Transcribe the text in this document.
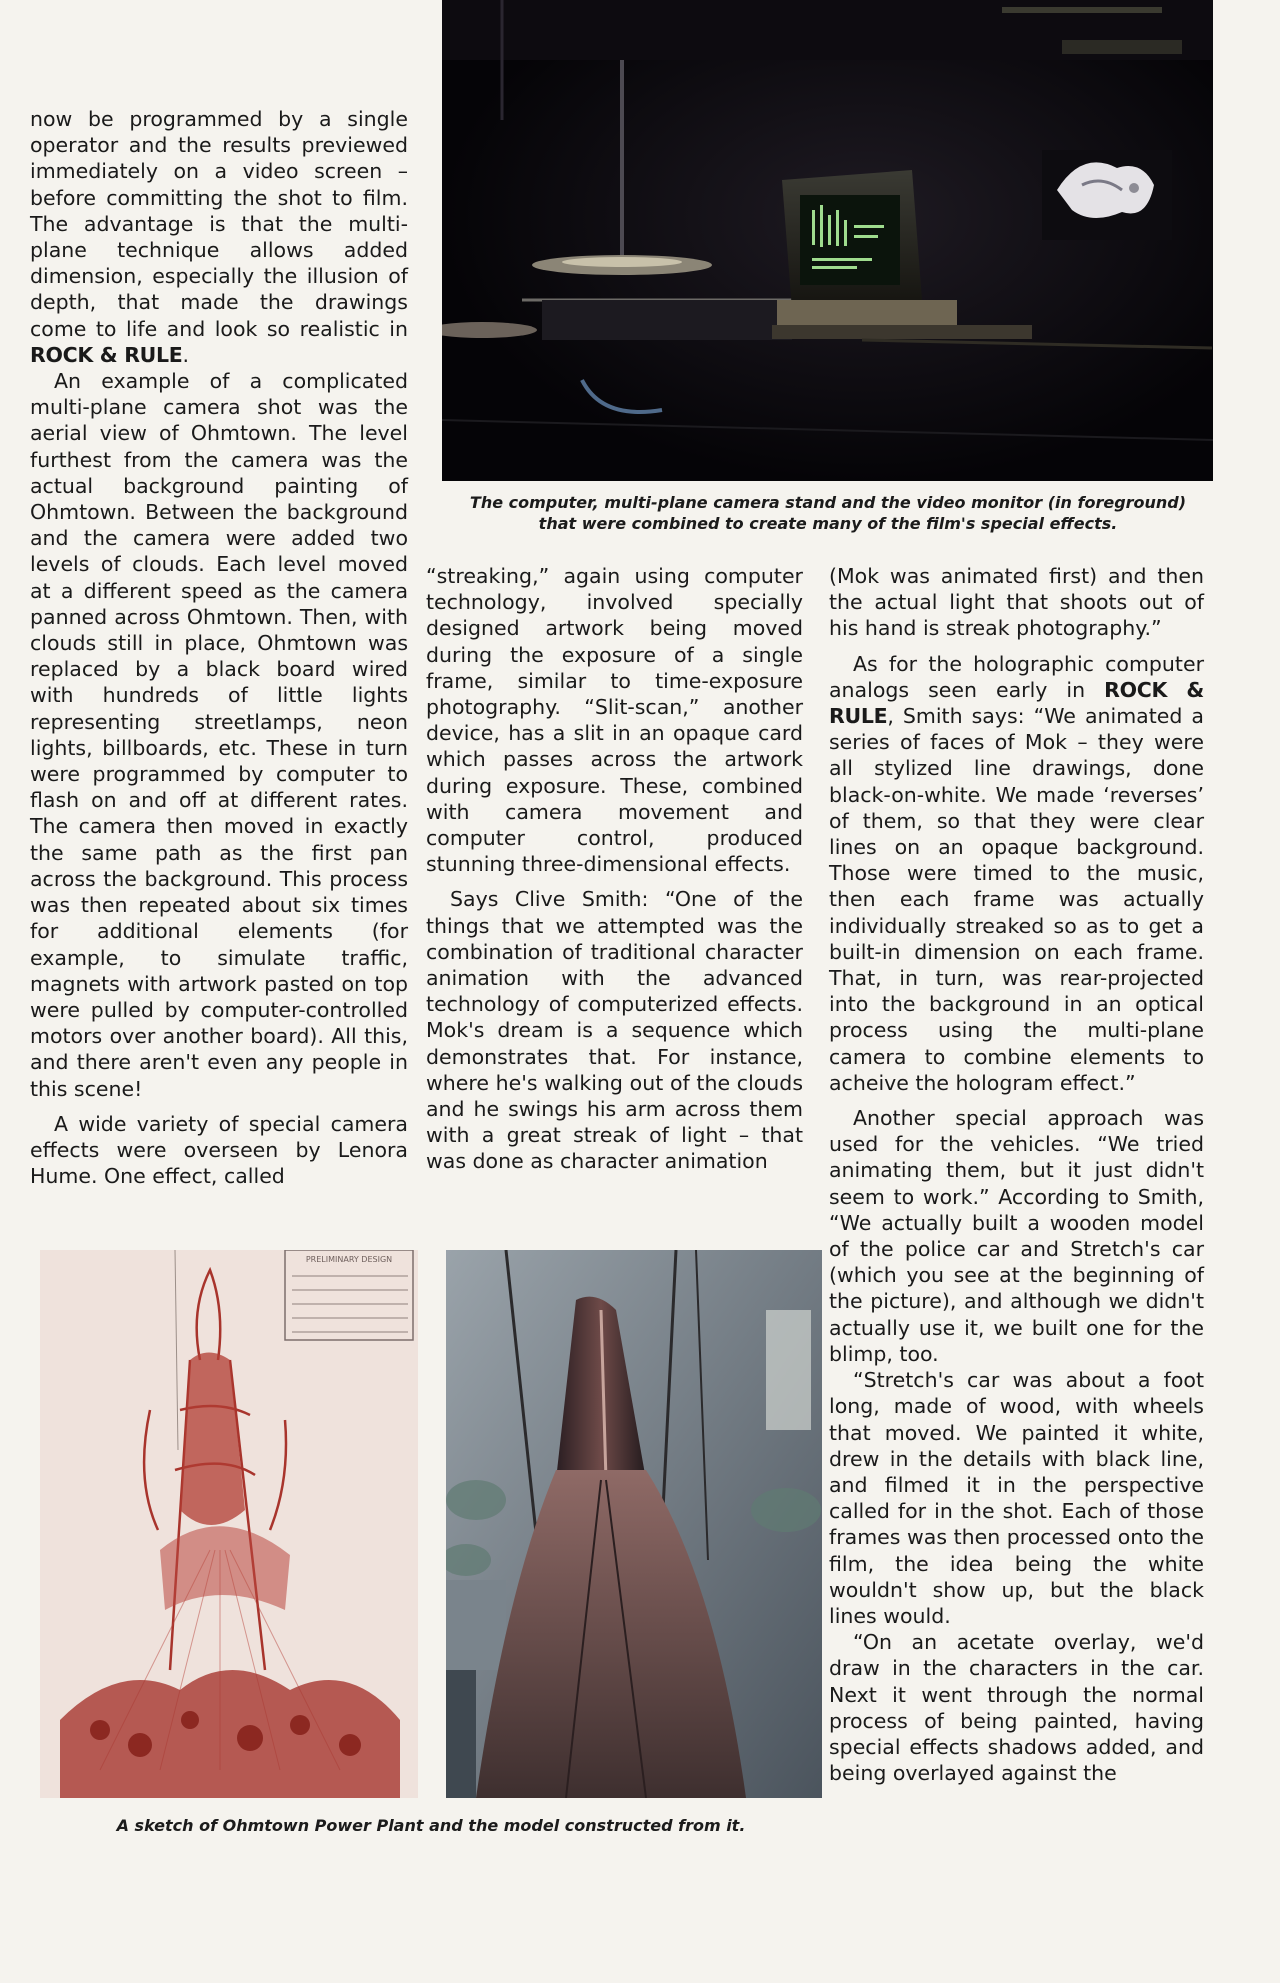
The computer, multi-plane camera stand and the video monitor (in foreground) that were combined to create many of the film's special effects.

now be programmed by a single operator and the results previewed immediately on a video screen – before committing the shot to film. The advantage is that the multi-plane technique allows added dimension, especially the illusion of depth, that made the drawings come to life and look so realistic in ROCK & RULE.

An example of a complicated multi-plane camera shot was the aerial view of Ohmtown. The level furthest from the camera was the actual background painting of Ohmtown. Between the background and the camera were added two levels of clouds. Each level moved at a different speed as the camera panned across Ohmtown. Then, with clouds still in place, Ohmtown was replaced by a black board wired with hundreds of little lights representing streetlamps, neon lights, billboards, etc. These in turn were programmed by computer to flash on and off at different rates. The camera then moved in exactly the same path as the first pan across the background. This process was then repeated about six times for additional elements (for example, to simulate traffic, magnets with artwork pasted on top were pulled by computer-controlled motors over another board). All this, and there aren't even any people in this scene!

A wide variety of special camera effects were overseen by Lenora Hume. One effect, called

“streaking,” again using computer technology, involved specially designed artwork being moved during the exposure of a single frame, similar to time-exposure photography. “Slit-scan,” another device, has a slit in an opaque card which passes across the artwork during exposure. These, combined with camera movement and computer control, produced stunning three-dimensional effects.

Says Clive Smith: “One of the things that we attempted was the combination of traditional character animation with the advanced technology of computerized effects. Mok's dream is a sequence which demonstrates that. For instance, where he's walking out of the clouds and he swings his arm across them with a great streak of light – that was done as character animation

(Mok was animated first) and then the actual light that shoots out of his hand is streak photography.”

As for the holographic computer analogs seen early in ROCK & RULE, Smith says: “We animated a series of faces of Mok – they were all stylized line drawings, done black-on-white. We made ‘reverses’ of them, so that they were clear lines on an opaque background. Those were timed to the music, then each frame was actually individually streaked so as to get a built-in dimension on each frame. That, in turn, was rear-projected into the background in an optical process using the multi-plane camera to combine elements to acheive the hologram effect.”

Another special approach was used for the vehicles. “We tried animating them, but it just didn't seem to work.” According to Smith, “We actually built a wooden model of the police car and Stretch's car (which you see at the beginning of the picture), and although we didn't actually use it, we built one for the blimp, too.

“Stretch's car was about a foot long, made of wood, with wheels that moved. We painted it white, drew in the details with black line, and filmed it in the perspective called for in the shot. Each of those frames was then processed onto the film, the idea being the white wouldn't show up, but the black lines would.

“On an acetate overlay, we'd draw in the characters in the car. Next it went through the normal process of being painted, having special effects shadows added, and being overlayed against the

PRELIMINARY DESIGN
A sketch of Ohmtown Power Plant and the model constructed from it.
